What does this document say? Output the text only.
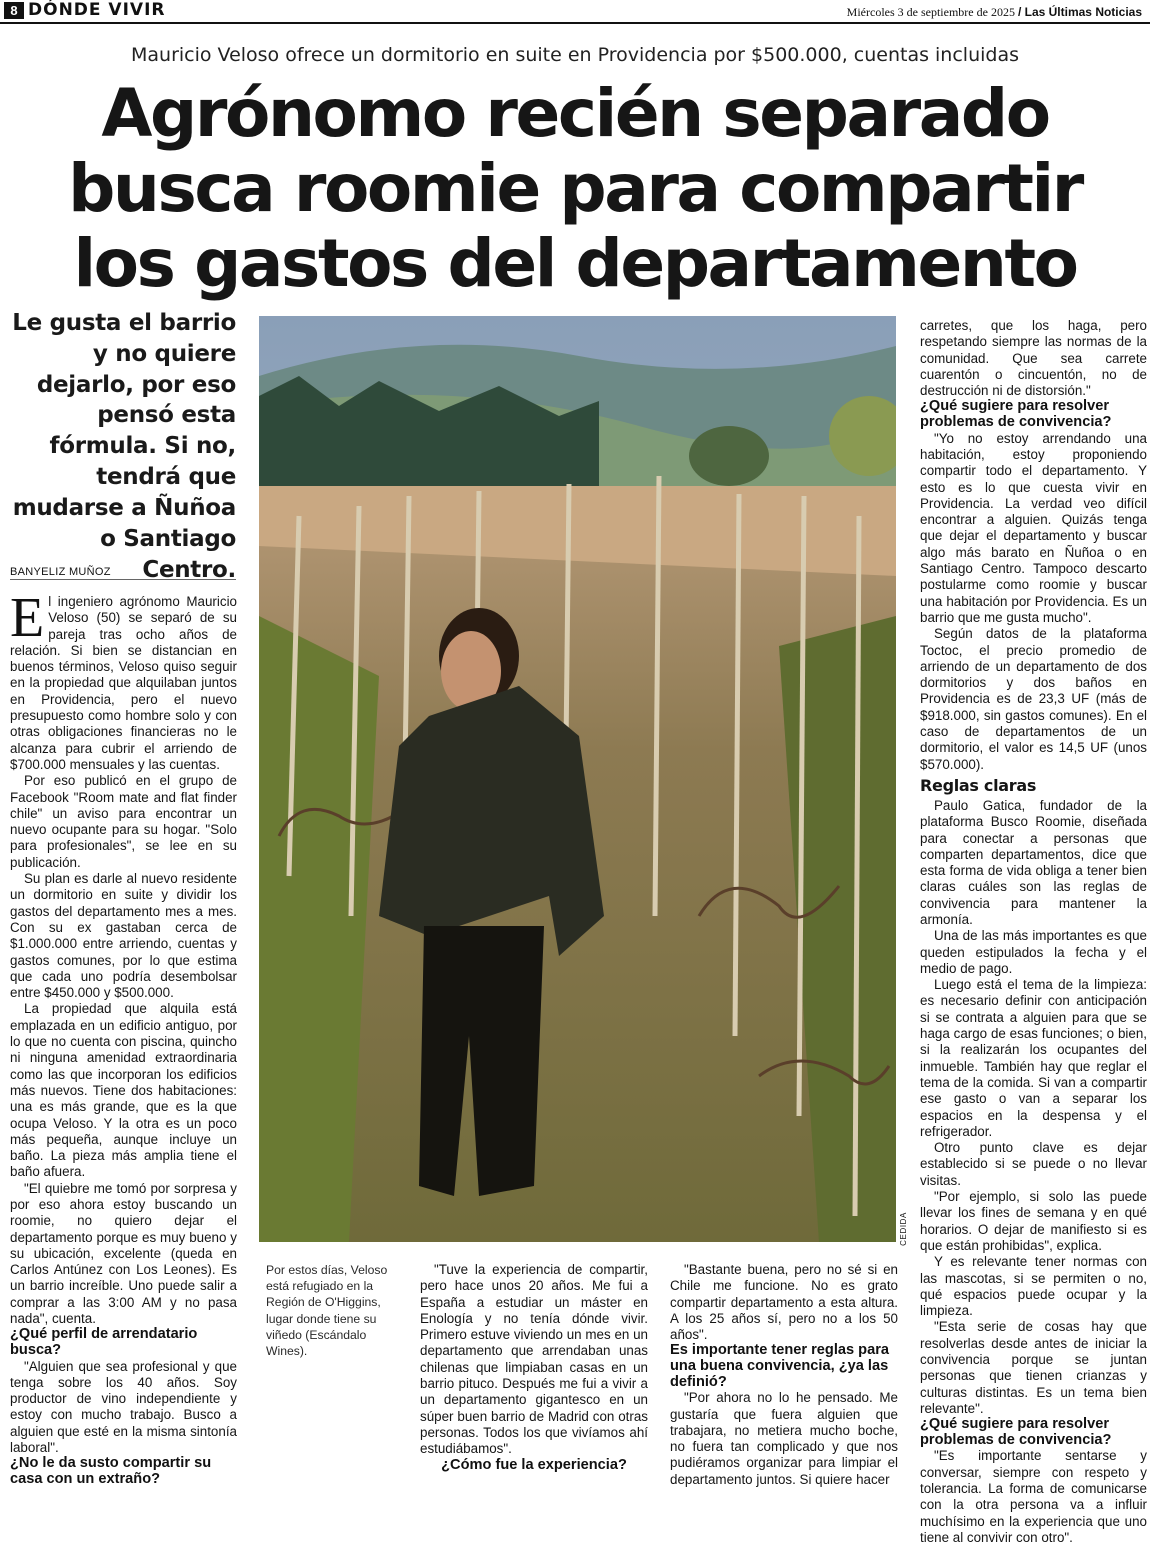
8 DÓNDE VIVIR	Miércoles 3 de septiembre de 2025 / Las Últimas Noticias
Mauricio Veloso ofrece un dormitorio en suite en Providencia por $500.000, cuentas incluidas
Agrónomo recién separado busca roomie para compartir los gastos del departamento
Le gusta el barrio y no quiere dejarlo, por eso pensó esta fórmula. Si no, tendrá que mudarse a Ñuñoa o Santiago Centro.
BANYELIZ MUÑOZ

El ingeniero agrónomo Mauricio Veloso (50) se separó de su pareja tras ocho años de relación. Si bien se distancian en buenos términos, Veloso quiso seguir en la propiedad que alquilaban juntos en Providencia, pero el nuevo presupuesto como hombre solo y con otras obligaciones financieras no le alcanza para cubrir el arriendo de $700.000 mensuales y las cuentas.

Por eso publicó en el grupo de Facebook "Room mate and flat finder chile" un aviso para encontrar un nuevo ocupante para su hogar. "Solo para profesionales", se lee en su publicación.

Su plan es darle al nuevo residente un dormitorio en suite y dividir los gastos del departamento mes a mes. Con su ex gastaban cerca de $1.000.000 entre arriendo, cuentas y gastos comunes, por lo que estima que cada uno podría desembolsar entre $450.000 y $500.000.

La propiedad que alquila está emplazada en un edificio antiguo, por lo que no cuenta con piscina, quincho ni ninguna amenidad extraordinaria como las que incorporan los edificios más nuevos. Tiene dos habitaciones: una es más grande, que es la que ocupa Veloso. Y la otra es un poco más pequeña, aunque incluye un baño. La pieza más amplia tiene el baño afuera.

"El quiebre me tomó por sorpresa y por eso ahora estoy buscando un roomie, no quiero dejar el departamento porque es muy bueno y su ubicación, excelente (queda en Carlos Antúnez con Los Leones). Es un barrio increíble. Uno puede salir a comprar a las 3:00 AM y no pasa nada", cuenta.

¿Qué perfil de arrendatario busca?

"Alguien que sea profesional y que tenga sobre los 40 años. Soy productor de vino independiente y estoy con mucho trabajo. Busco a alguien que esté en la misma sintonía laboral".

¿No le da susto compartir su casa con un extraño?
CEDIDA
Por estos días, Veloso está refugiado en la Región de O'Higgins, lugar donde tiene su viñedo (Escándalo Wines).

"Tuve la experiencia de compartir, pero hace unos 20 años. Me fui a España a estudiar un máster en Enología y no tenía dónde vivir. Primero estuve viviendo un mes en un departamento que arrendaban unas chilenas que limpiaban casas en un barrio pituco. Después me fui a vivir a un departamento gigantesco en un súper buen barrio de Madrid con otras personas. Todos los que vivíamos ahí estudiábamos".

¿Cómo fue la experiencia?

"Bastante buena, pero no sé si en Chile me funcione. No es grato compartir departamento a esta altura. A los 25 años sí, pero no a los 50 años".

Es importante tener reglas para una buena convivencia, ¿ya las definió?

"Por ahora no lo he pensado. Me gustaría que fuera alguien que trabajara, no metiera mucho boche, no fuera tan complicado y que nos pudiéramos organizar para limpiar el departamento juntos. Si quiere hacer

carretes, que los haga, pero respetando siempre las normas de la comunidad. Que sea carrete cuarentón o cincuentón, no de destrucción ni de distorsión."

¿Qué sugiere para resolver problemas de convivencia?

"Yo no estoy arrendando una habitación, estoy proponiendo compartir todo el departamento. Y esto es lo que cuesta vivir en Providencia. La verdad veo difícil encontrar a alguien. Quizás tenga que dejar el departamento y buscar algo más barato en Ñuñoa o en Santiago Centro. Tampoco descarto postularme como roomie y buscar una habitación por Providencia. Es un barrio que me gusta mucho".

Según datos de la plataforma Toctoc, el precio promedio de arriendo de un departamento de dos dormitorios y dos baños en Providencia es de 23,3 UF (más de $918.000, sin gastos comunes). En el caso de departamentos de un dormitorio, el valor es 14,5 UF (unos $570.000).

Reglas claras

Paulo Gatica, fundador de la plataforma Busco Roomie, diseñada para conectar a personas que comparten departamentos, dice que esta forma de vida obliga a tener bien claras cuáles son las reglas de convivencia para mantener la armonía.

Una de las más importantes es que queden estipulados la fecha y el medio de pago.

Luego está el tema de la limpieza: es necesario definir con anticipación si se contrata a alguien para que se haga cargo de esas funciones; o bien, si la realizarán los ocupantes del inmueble. También hay que reglar el tema de la comida. Si van a compartir ese gasto o van a separar los espacios en la despensa y el refrigerador.

Otro punto clave es dejar establecido si se puede o no llevar visitas.

"Por ejemplo, si solo las puede llevar los fines de semana y en qué horarios. O dejar de manifiesto si es que están prohibidas", explica.

Y es relevante tener normas con las mascotas, si se permiten o no, qué espacios puede ocupar y la limpieza.

"Esta serie de cosas hay que resolverlas desde antes de iniciar la convivencia porque se juntan personas que tienen crianzas y culturas distintas. Es un tema bien relevante".

¿Qué sugiere para resolver problemas de convivencia?

"Es importante sentarse y conversar, siempre con respeto y tolerancia. La forma de comunicarse con la otra persona va a influir muchísimo en la experiencia que uno tiene al convivir con otro".
